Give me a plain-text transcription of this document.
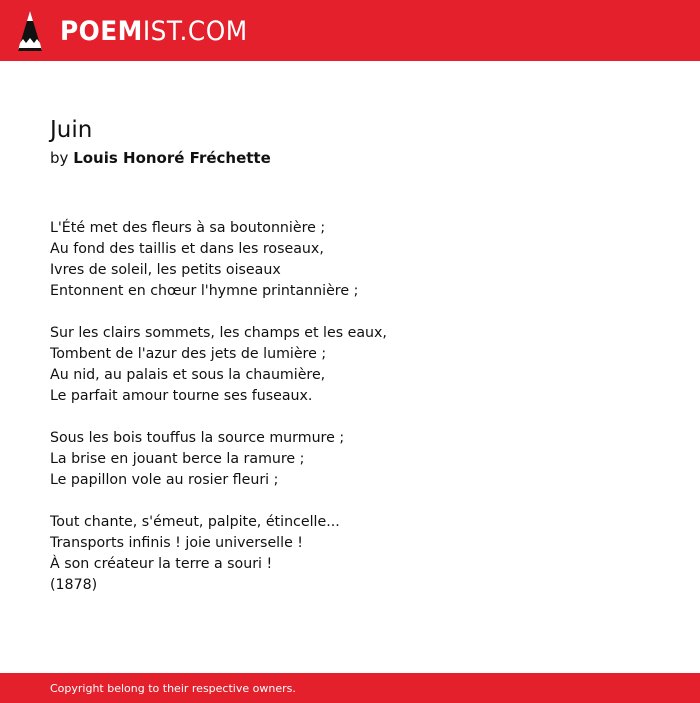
POEMIST.COM
Juin
by Louis Honoré Fréchette
L'Été met des fleurs à sa boutonnière ;
Au fond des taillis et dans les roseaux,
Ivres de soleil, les petits oiseaux
Entonnent en chœur l'hymne printannière ;
Sur les clairs sommets, les champs et les eaux,
Tombent de l'azur des jets de lumière ;
Au nid, au palais et sous la chaumière,
Le parfait amour tourne ses fuseaux.
Sous les bois touffus la source murmure ;
La brise en jouant berce la ramure ;
Le papillon vole au rosier fleuri ;
Tout chante, s'émeut, palpite, étincelle...
Transports infinis ! joie universelle !
À son créateur la terre a souri !
(1878)
Copyright belong to their respective owners.
